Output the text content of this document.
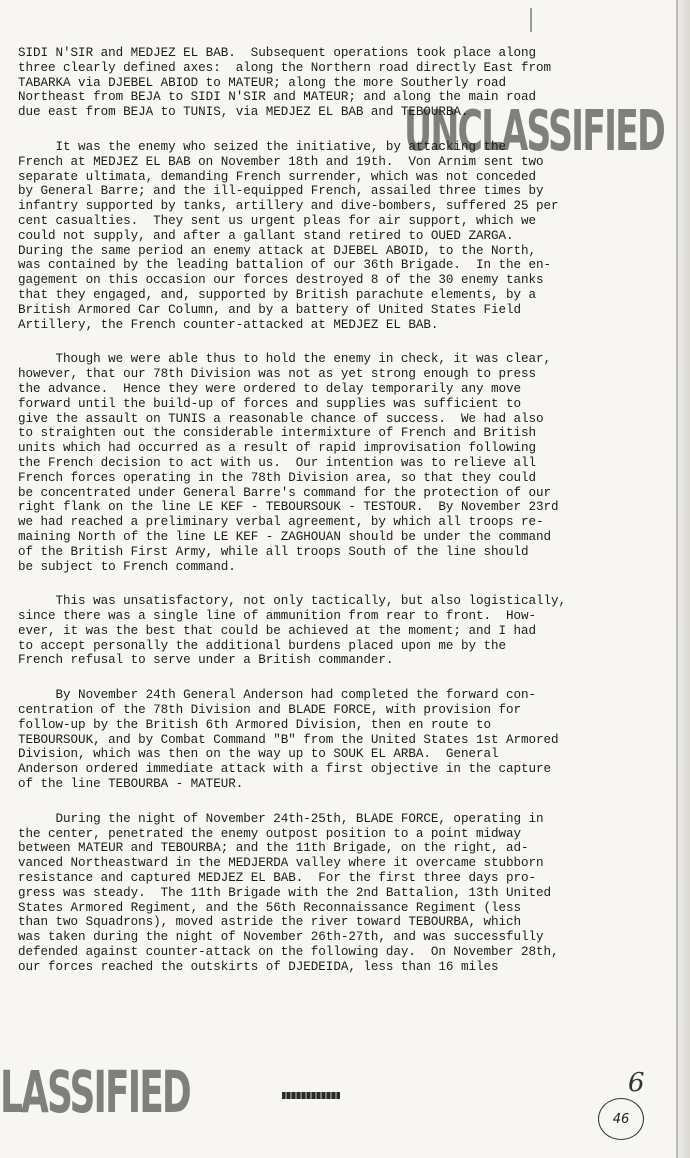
SIDI N'SIR and MEDJEZ EL BAB.  Subsequent operations took place along
three clearly defined axes:  along the Northern road directly East from
TABARKA via DJEBEL ABIOD to MATEUR; along the more Southerly road
Northeast from BEJA to SIDI N'SIR and MATEUR; and along the main road
due east from BEJA to TUNIS, via MEDJEZ EL BAB and TEBOURBA.
It was the enemy who seized the initiative, by attacking the
French at MEDJEZ EL BAB on November 18th and 19th.  Von Arnim sent two
separate ultimata, demanding French surrender, which was not conceded
by General Barre; and the ill-equipped French, assailed three times by
infantry supported by tanks, artillery and dive-bombers, suffered 25 per
cent casualties.  They sent us urgent pleas for air support, which we
could not supply, and after a gallant stand retired to OUED ZARGA.
During the same period an enemy attack at DJEBEL ABOID, to the North,
was contained by the leading battalion of our 36th Brigade.  In the en-
gagement on this occasion our forces destroyed 8 of the 30 enemy tanks
that they engaged, and, supported by British parachute elements, by a
British Armored Car Column, and by a battery of United States Field
Artillery, the French counter-attacked at MEDJEZ EL BAB.
Though we were able thus to hold the enemy in check, it was clear,
however, that our 78th Division was not as yet strong enough to press
the advance.  Hence they were ordered to delay temporarily any move
forward until the build-up of forces and supplies was sufficient to
give the assault on TUNIS a reasonable chance of success.  We had also
to straighten out the considerable intermixture of French and British
units which had occurred as a result of rapid improvisation following
the French decision to act with us.  Our intention was to relieve all
French forces operating in the 78th Division area, so that they could
be concentrated under General Barre's command for the protection of our
right flank on the line LE KEF - TEBOURSOUK - TESTOUR.  By November 23rd
we had reached a preliminary verbal agreement, by which all troops re-
maining North of the line LE KEF - ZAGHOUAN should be under the command
of the British First Army, while all troops South of the line should
be subject to French command.
This was unsatisfactory, not only tactically, but also logistically,
since there was a single line of ammunition from rear to front.  How-
ever, it was the best that could be achieved at the moment; and I had
to accept personally the additional burdens placed upon me by the
French refusal to serve under a British commander.
By November 24th General Anderson had completed the forward con-
centration of the 78th Division and BLADE FORCE, with provision for
follow-up by the British 6th Armored Division, then en route to
TEBOURSOUK, and by Combat Command "B" from the United States 1st Armored
Division, which was then on the way up to SOUK EL ARBA.  General
Anderson ordered immediate attack with a first objective in the capture
of the line TEBOURBA - MATEUR.
During the night of November 24th-25th, BLADE FORCE, operating in
the center, penetrated the enemy outpost position to a point midway
between MATEUR and TEBOURBA; and the 11th Brigade, on the right, ad-
vanced Northeastward in the MEDJERDA valley where it overcame stubborn
resistance and captured MEDJEZ EL BAB.  For the first three days pro-
gress was steady.  The 11th Brigade with the 2nd Battalion, 13th United
States Armored Regiment, and the 56th Reconnaissance Regiment (less
than two Squadrons), moved astride the river toward TEBOURBA, which
was taken during the night of November 26th-27th, and was successfully
defended against counter-attack on the following day.  On November 28th,
our forces reached the outskirts of DJEDEIDA, less than 16 miles
UNCLASSIFIED
LASSIFIED	6
46
